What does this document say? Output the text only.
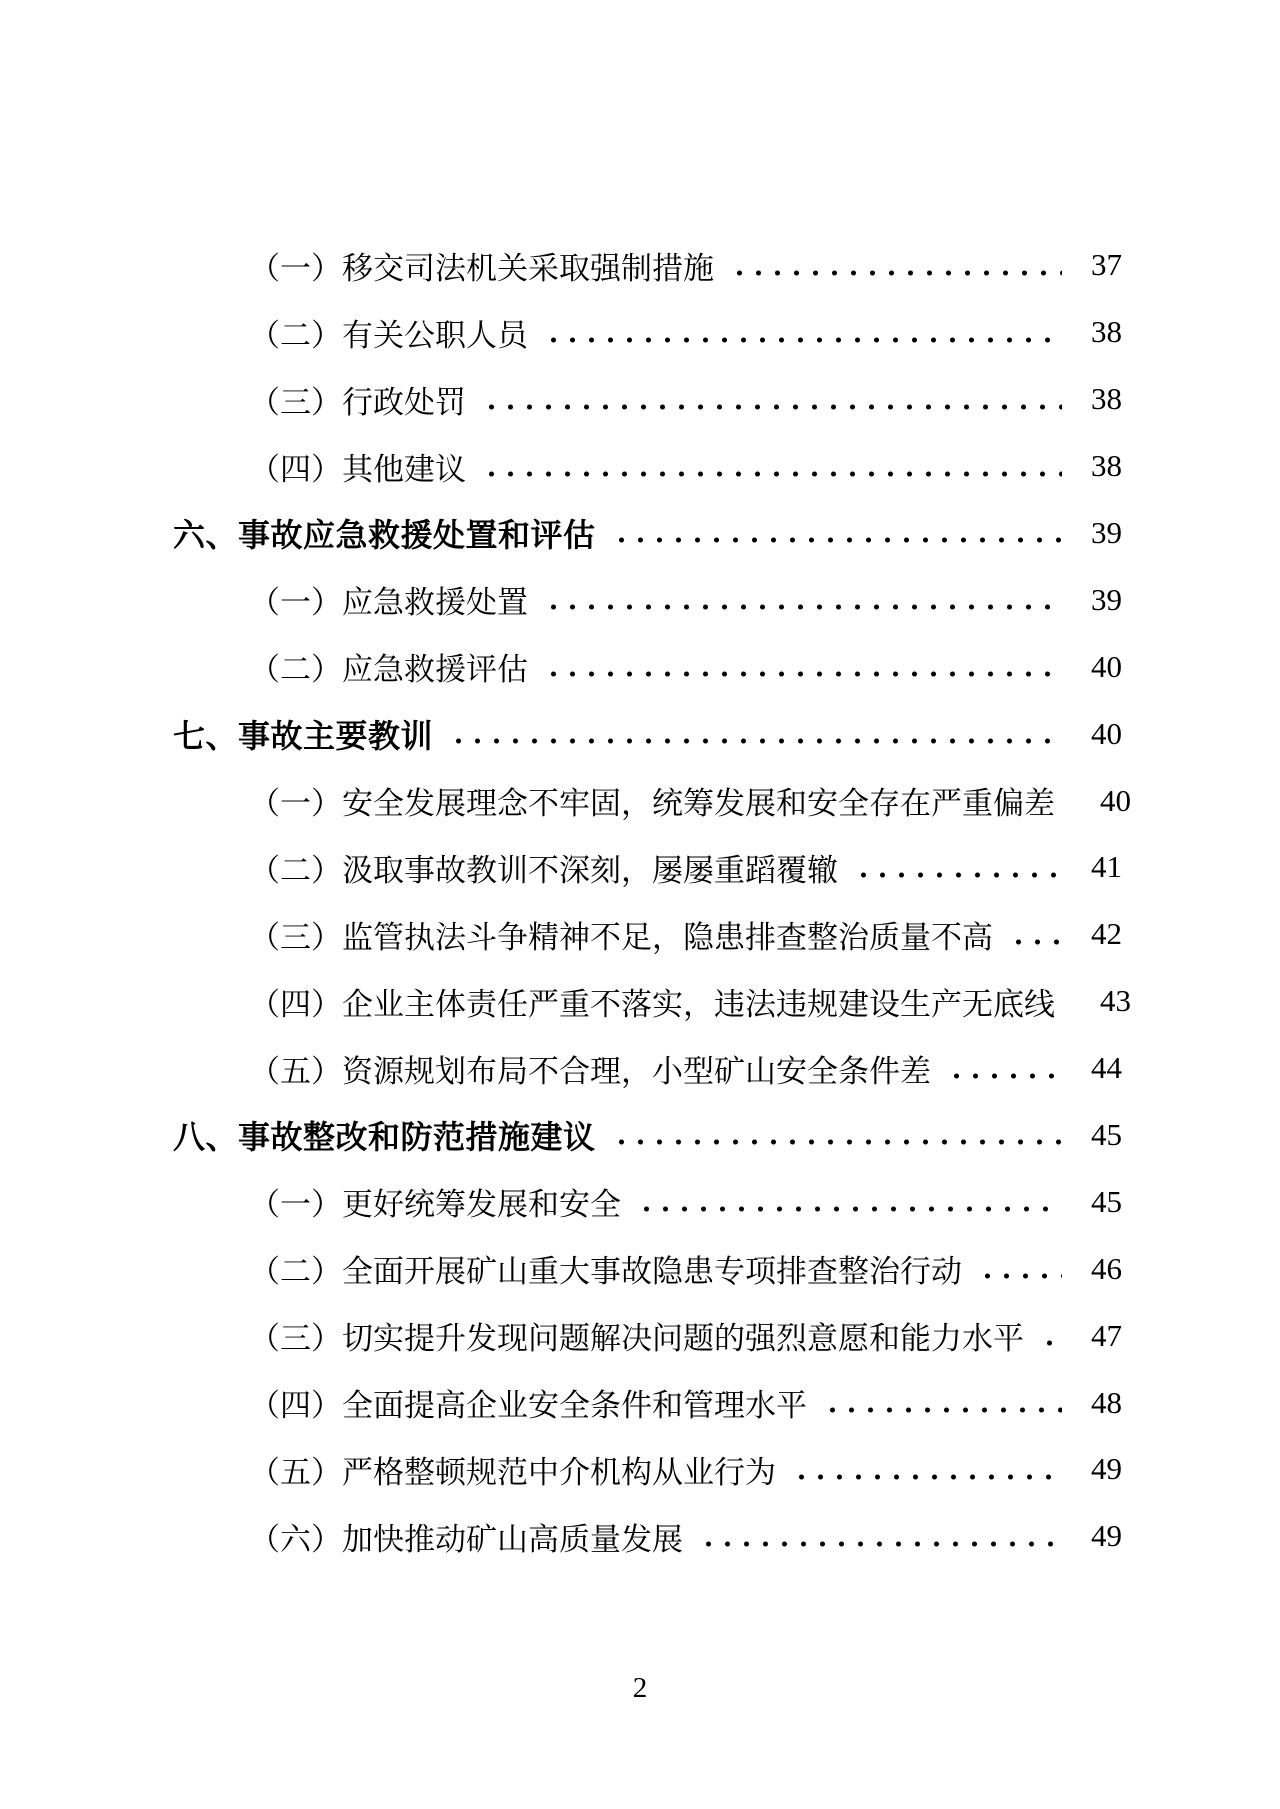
（一）移交司法机关采取强制措施	37
（二）有关公职人员	38
（三）行政处罚	38
（四）其他建议	38
六、事故应急救援处置和评估	39
（一）应急救援处置	39
（二）应急救援评估	40
七、事故主要教训	40
（一）安全发展理念不牢固，统筹发展和安全存在严重偏差	40
（二）汲取事故教训不深刻，屡屡重蹈覆辙	41
（三）监管执法斗争精神不足，隐患排查整治质量不高	42
（四）企业主体责任严重不落实，违法违规建设生产无底线	43
（五）资源规划布局不合理，小型矿山安全条件差	44
八、事故整改和防范措施建议	45
（一）更好统筹发展和安全	45
（二）全面开展矿山重大事故隐患专项排查整治行动	46
（三）切实提升发现问题解决问题的强烈意愿和能力水平	47
（四）全面提高企业安全条件和管理水平	48
（五）严格整顿规范中介机构从业行为	49
（六）加快推动矿山高质量发展	49
2
